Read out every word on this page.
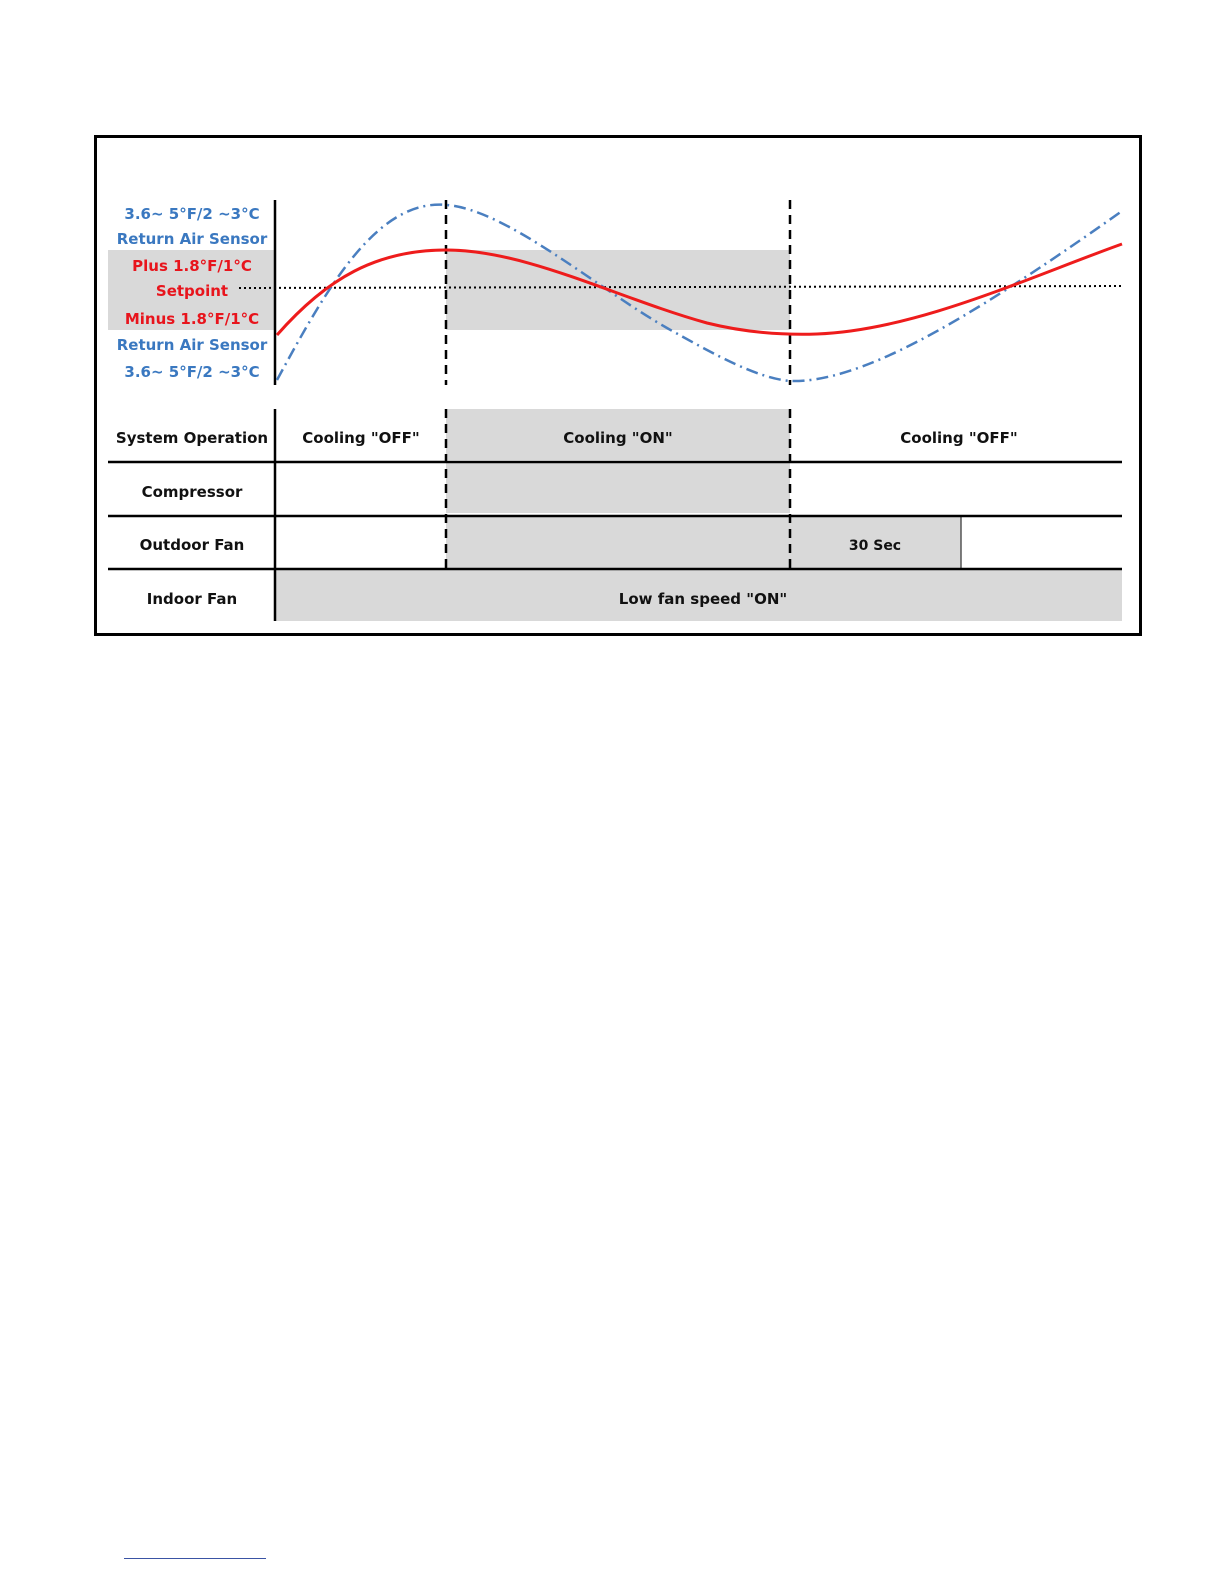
3.6~ 5°F/2 ~3°C
Return Air Sensor
Plus 1.8°F/1°C
Setpoint
Minus 1.8°F/1°C
Return Air Sensor
3.6~ 5°F/2 ~3°C
System Operation
Compressor
Outdoor Fan
Indoor Fan
Cooling "OFF"	Cooling "ON"	Cooling "OFF"
30 Sec
Low fan speed "ON"
